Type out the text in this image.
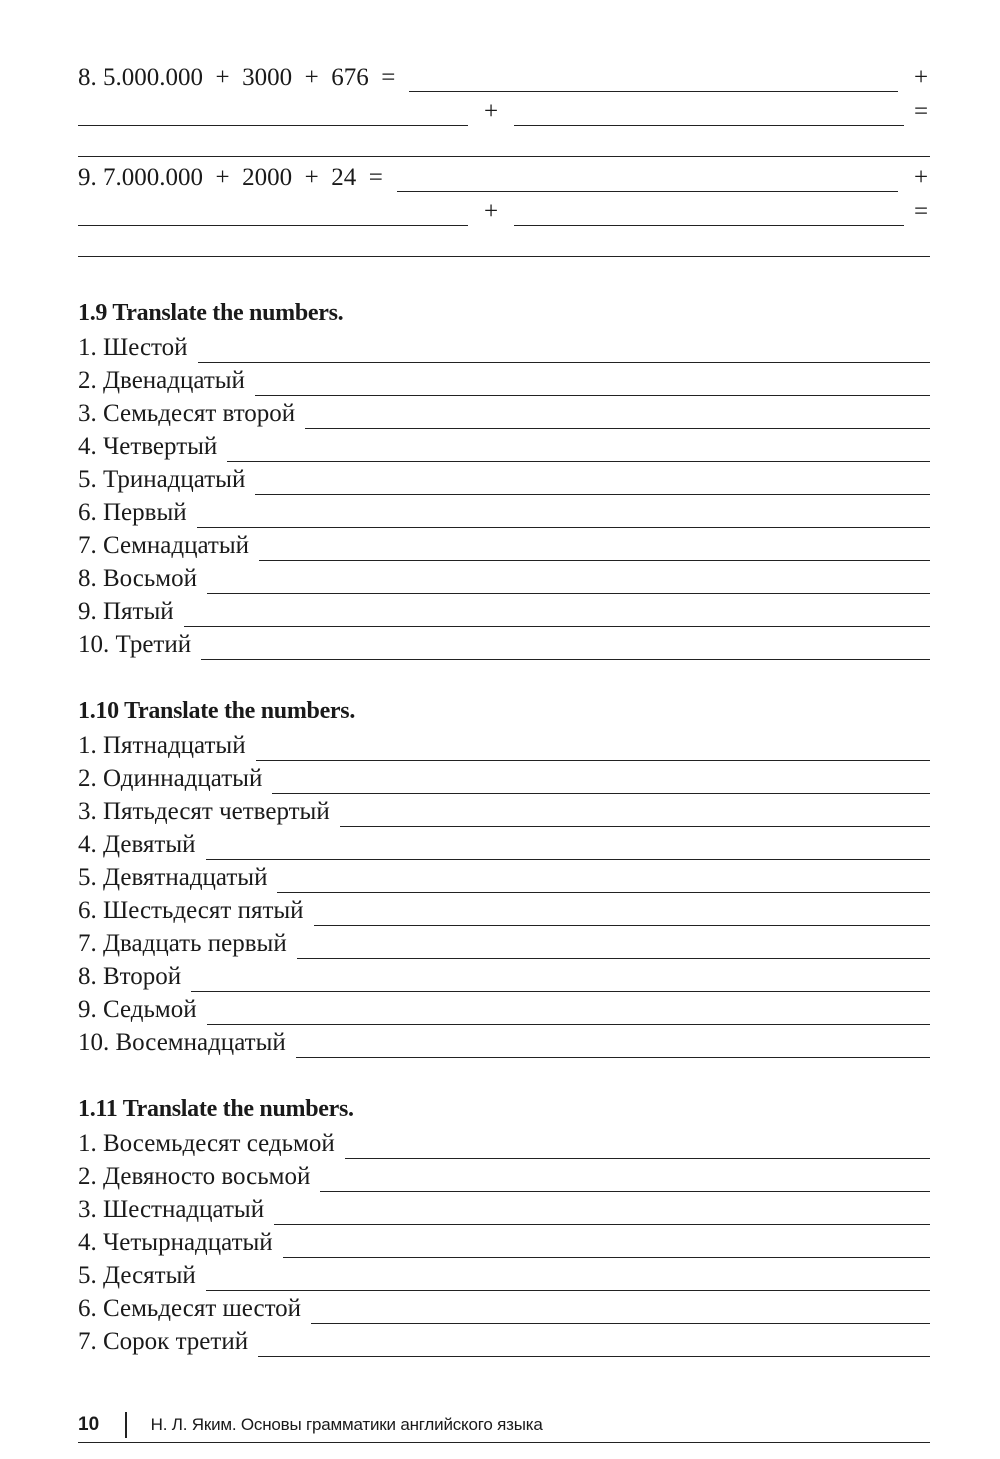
8. 5.000.000  +  3000  +  676  =	+
+	=
9. 7.000.000  +  2000  +  24  =	+
+	=
1.9 Translate the numbers.
1. Шестой
2. Двенадцатый
3. Семьдесят второй
4. Четвертый
5. Тринадцатый
6. Первый
7. Семнадцатый
8. Восьмой
9. Пятый
10. Третий
1.10 Translate the numbers.
1. Пятнадцатый
2. Одиннадцатый
3. Пятьдесят четвертый
4. Девятый
5. Девятнадцатый
6. Шестьдесят пятый
7. Двадцать первый
8. Второй
9. Седьмой
10. Восемнадцатый
1.11 Translate the numbers.
1. Восемьдесят седьмой
2. Девяносто восьмой
3. Шестнадцатый
4. Четырнадцатый
5. Десятый
6. Семьдесят шестой
7. Сорок третий
10	Н. Л. Яким. Основы грамматики английского языка
